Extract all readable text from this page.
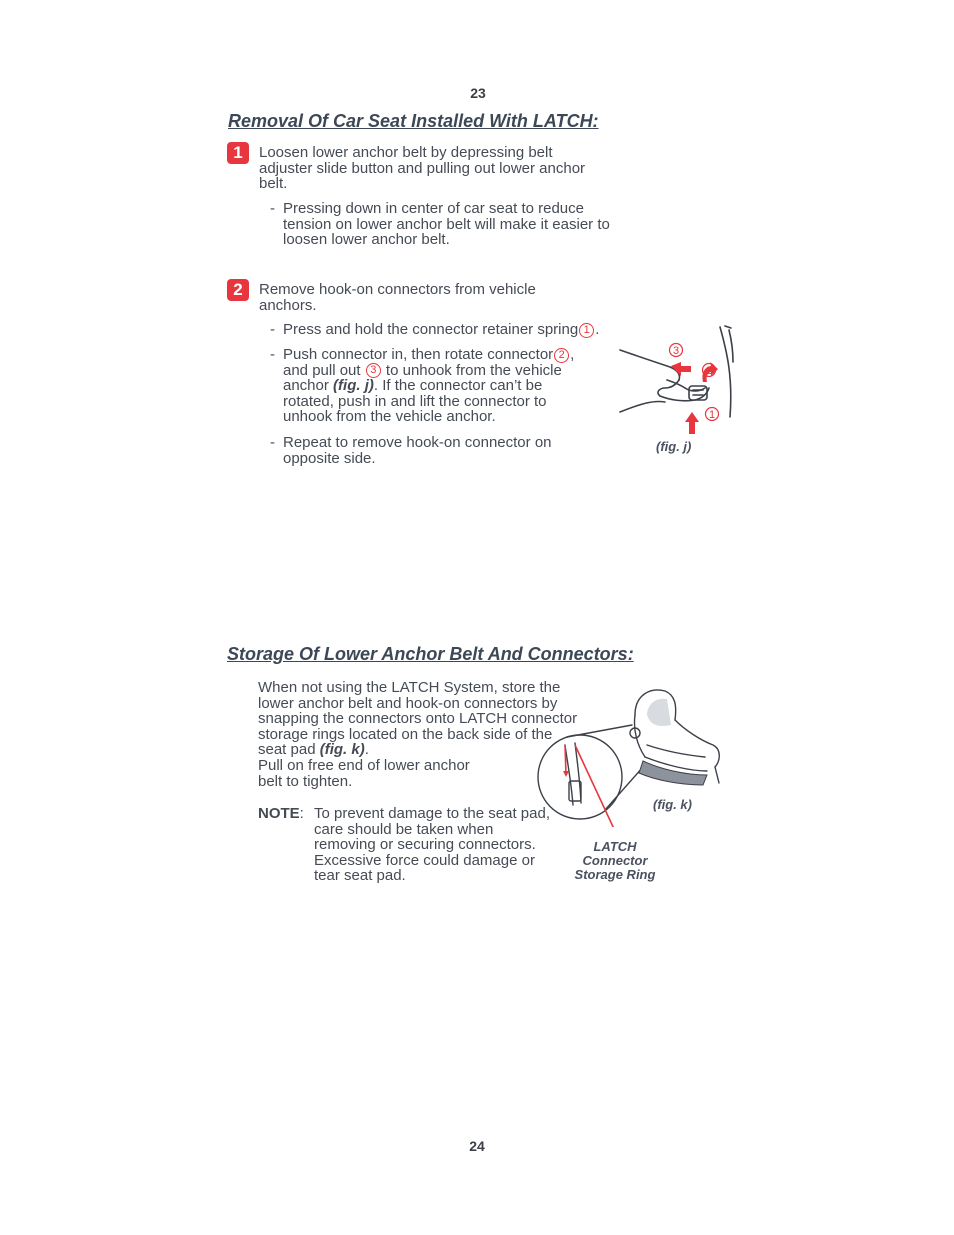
23
Removal Of Car Seat Installed With LATCH:
1	Loosen lower anchor belt by depressing belt adjuster slide button and pulling out lower anchor belt.
- Pressing down in center of car seat to reduce tension on lower anchor belt will make it easier to loosen lower anchor belt.
2	Remove hook-on connectors from vehicle anchors.
- Press and hold the connector retainer spring 1 .
- Push connector in, then rotate connector 2 , and pull out 3 to unhook from the vehicle anchor (fig. j). If the connector can’t be rotated, push in and lift the connector to unhook from the vehicle anchor.
- Repeat to remove hook-on connector on opposite side.
3
2
1
(fig. j)
Storage Of Lower Anchor Belt And Connectors:
When not using the LATCH System, store the lower anchor belt and hook-on connectors by snapping the connectors onto LATCH connector storage rings located on the back side of the seat pad (fig. k).
Pull on free end of lower anchor belt to tighten.
NOTE: To prevent damage to the seat pad, care should be taken when removing or securing connectors. Excessive force could damage or tear seat pad.
(fig. k)
LATCH
Connector
Storage Ring
24
